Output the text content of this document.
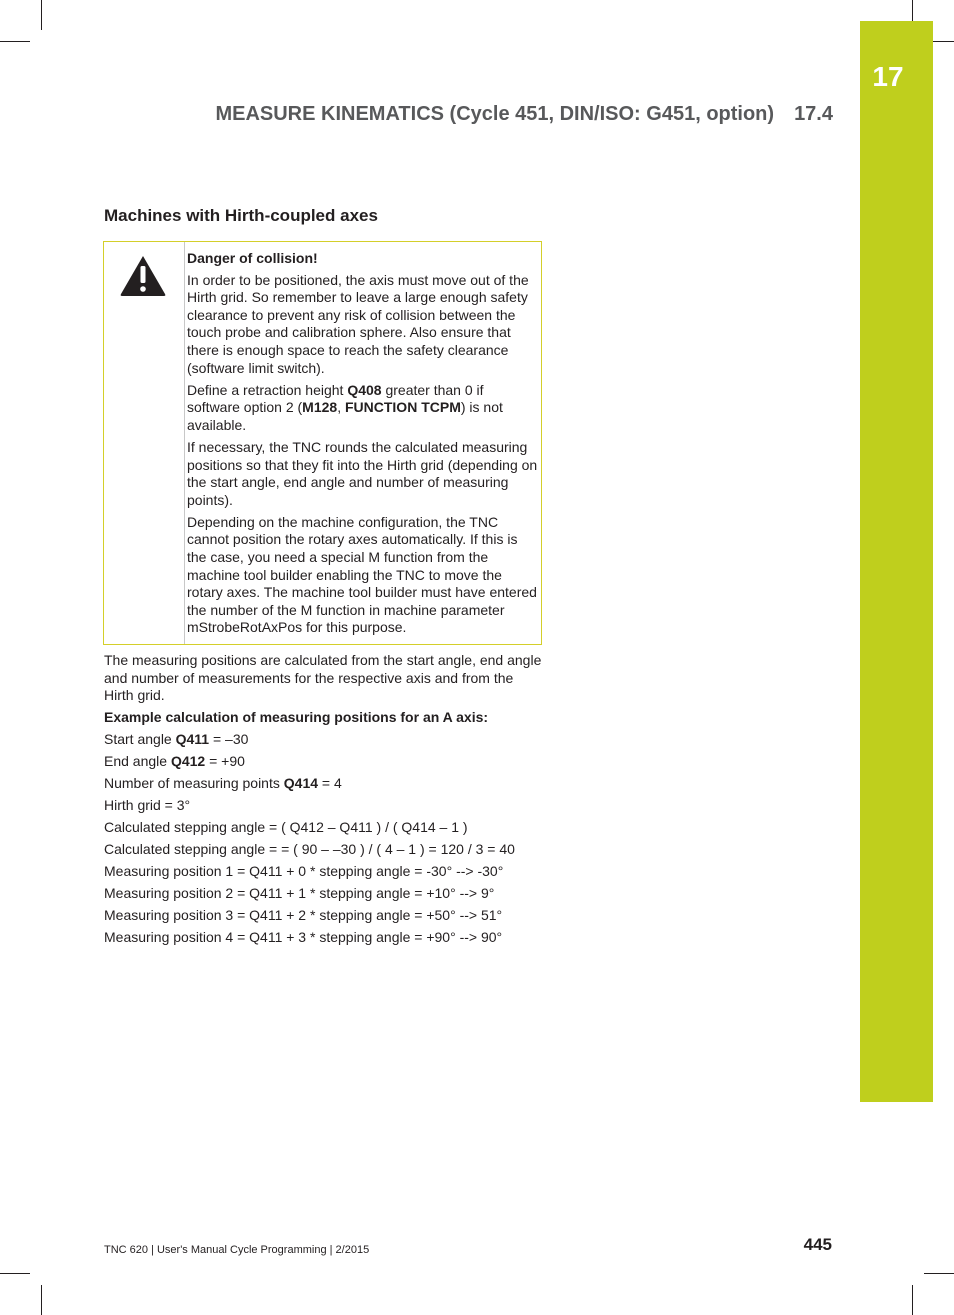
17
MEASURE KINEMATICS (Cycle 451, DIN/ISO: G451, option) 17.4
Machines with Hirth-coupled axes

Danger of collision!

In order to be positioned, the axis must move out of the Hirth grid. So remember to leave a large enough safety clearance to prevent any risk of collision between the touch probe and calibration sphere. Also ensure that there is enough space to reach the safety clearance (software limit switch).

Define a retraction height Q408 greater than 0 if software option 2 (M128, FUNCTION TCPM) is not available.

If necessary, the TNC rounds the calculated measuring positions so that they fit into the Hirth grid (depending on the start angle, end angle and number of measuring points).

Depending on the machine configuration, the TNC cannot position the rotary axes automatically. If this is the case, you need a special M function from the machine tool builder enabling the TNC to move the rotary axes. The machine tool builder must have entered the number of the M function in machine parameter mStrobeRotAxPos for this purpose.

The measuring positions are calculated from the start angle, end angle and number of measurements for the respective axis and from the Hirth grid.

Example calculation of measuring positions for an A axis:

Start angle Q411 = –30

End angle Q412 = +90

Number of measuring points Q414 = 4

Hirth grid = 3°

Calculated stepping angle = ( Q412 – Q411 ) / ( Q414 – 1 )

Calculated stepping angle = = ( 90 – –30 ) / ( 4 – 1 ) = 120 / 3 = 40

Measuring position 1 = Q411 + 0 * stepping angle = -30° --> -30°

Measuring position 2 = Q411 + 1 * stepping angle = +10° --> 9°

Measuring position 3 = Q411 + 2 * stepping angle = +50° --> 51°

Measuring position 4 = Q411 + 3 * stepping angle = +90° --> 90°

TNC 620 | User's Manual Cycle Programming | 2/2015	445
